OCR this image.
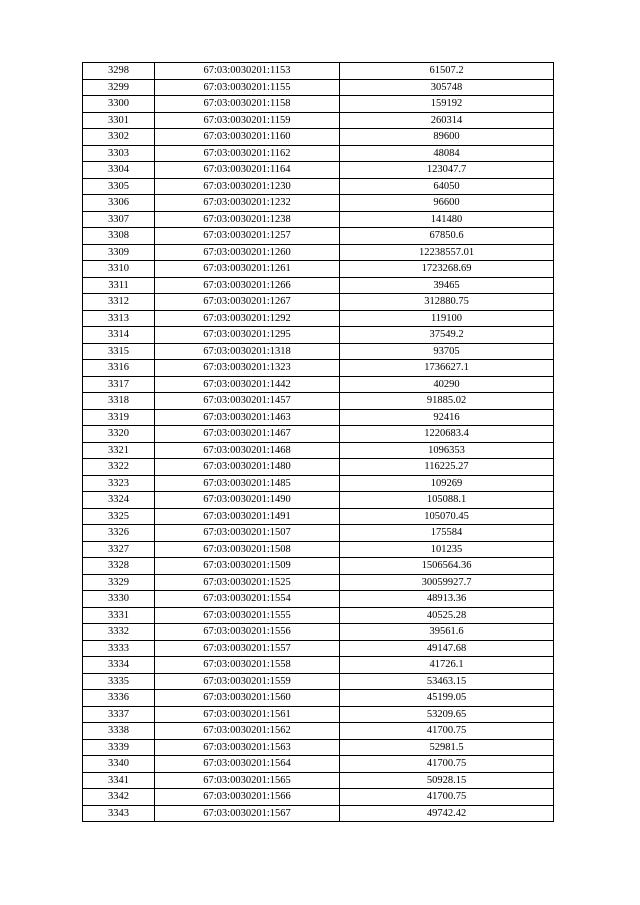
3298	67:03:0030201:1153	61507.2
3299	67:03:0030201:1155	305748
3300	67:03:0030201:1158	159192
3301	67:03:0030201:1159	260314
3302	67:03:0030201:1160	89600
3303	67:03:0030201:1162	48084
3304	67:03:0030201:1164	123047.7
3305	67:03:0030201:1230	64050
3306	67:03:0030201:1232	96600
3307	67:03:0030201:1238	141480
3308	67:03:0030201:1257	67850.6
3309	67:03:0030201:1260	12238557.01
3310	67:03:0030201:1261	1723268.69
3311	67:03:0030201:1266	39465
3312	67:03:0030201:1267	312880.75
3313	67:03:0030201:1292	119100
3314	67:03:0030201:1295	37549.2
3315	67:03:0030201:1318	93705
3316	67:03:0030201:1323	1736627.1
3317	67:03:0030201:1442	40290
3318	67:03:0030201:1457	91885.02
3319	67:03:0030201:1463	92416
3320	67:03:0030201:1467	1220683.4
3321	67:03:0030201:1468	1096353
3322	67:03:0030201:1480	116225.27
3323	67:03:0030201:1485	109269
3324	67:03:0030201:1490	105088.1
3325	67:03:0030201:1491	105070.45
3326	67:03:0030201:1507	175584
3327	67:03:0030201:1508	101235
3328	67:03:0030201:1509	1506564.36
3329	67:03:0030201:1525	30059927.7
3330	67:03:0030201:1554	48913.36
3331	67:03:0030201:1555	40525.28
3332	67:03:0030201:1556	39561.6
3333	67:03:0030201:1557	49147.68
3334	67:03:0030201:1558	41726.1
3335	67:03:0030201:1559	53463.15
3336	67:03:0030201:1560	45199.05
3337	67:03:0030201:1561	53209.65
3338	67:03:0030201:1562	41700.75
3339	67:03:0030201:1563	52981.5
3340	67:03:0030201:1564	41700.75
3341	67:03:0030201:1565	50928.15
3342	67:03:0030201:1566	41700.75
3343	67:03:0030201:1567	49742.42
